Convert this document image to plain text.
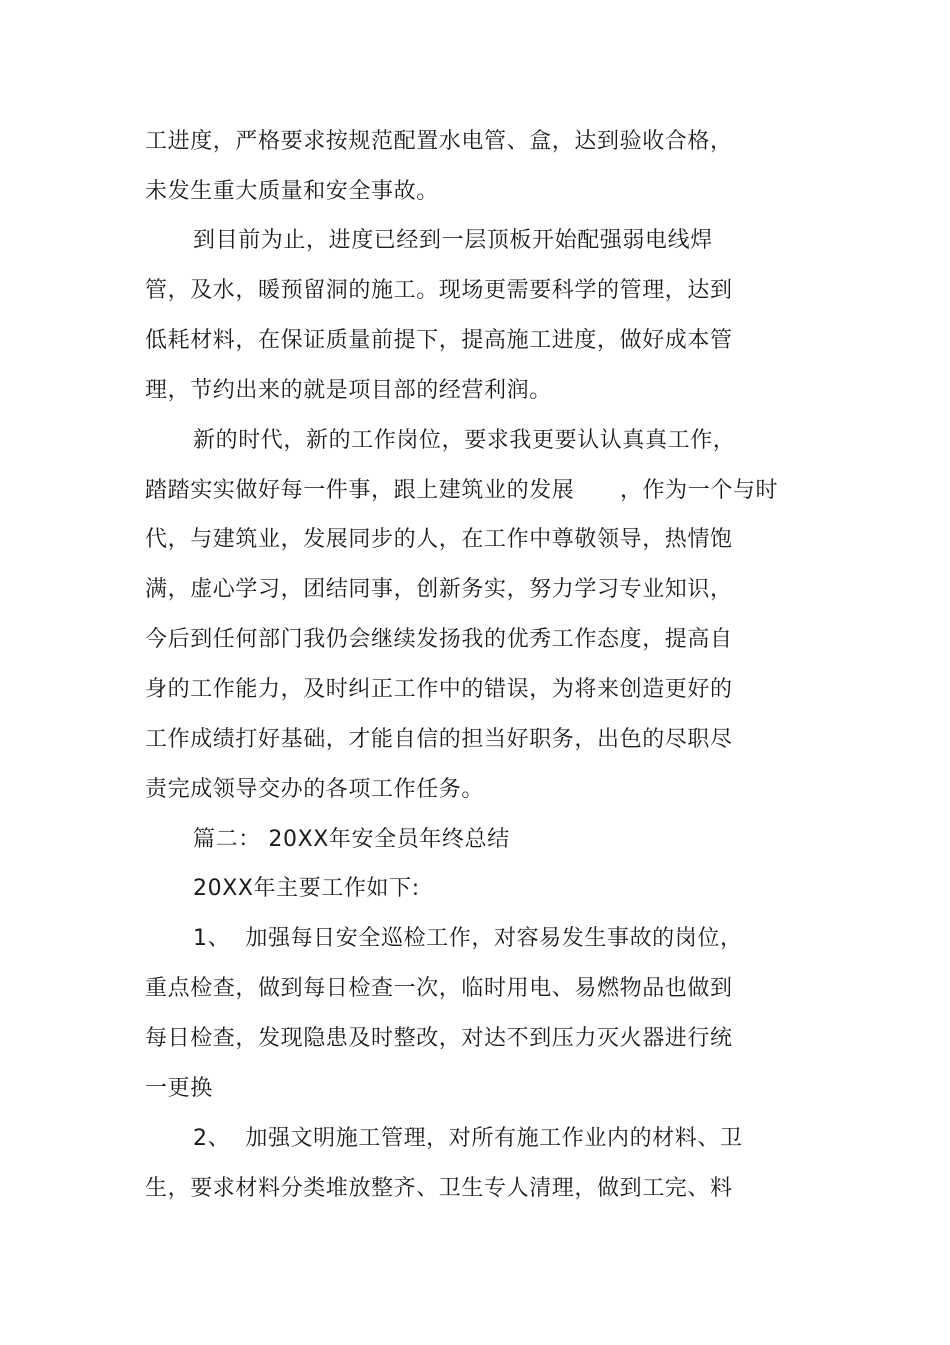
工进度，严格要求按规范配置水电管、盒，达到验收合格，
未发生重大质量和安全事故。
到目前为止，进度已经到一层顶板开始配强弱电线焊
管，及水，暖预留洞的施工。现场更需要科学的管理，达到
低耗材料，在保证质量前提下，提高施工进度，做好成本管
理，节约出来的就是项目部的经营利润。
新的时代，新的工作岗位，要求我更要认认真真工作，
踏踏实实做好每一件事，跟上建筑业的发展      ，作为一个与时
代，与建筑业，发展同步的人，在工作中尊敬领导，热情饱
满，虚心学习，团结同事，创新务实，努力学习专业知识，
今后到任何部门我仍会继续发扬我的优秀工作态度，提高自
身的工作能力，及时纠正工作中的错误，为将来创造更好的
工作成绩打好基础，才能自信的担当好职务，出色的尽职尽
责完成领导交办的各项工作任务。
篇二： 20XX年安全员年终总结
20XX年主要工作如下:
1、  加强每日安全巡检工作，对容易发生事故的岗位，
重点检查，做到每日检查一次，临时用电、易燃物品也做到
每日检查，发现隐患及时整改，对达不到压力灭火器进行统
一更换
2、  加强文明施工管理，对所有施工作业内的材料、卫
生，要求材料分类堆放整齐、卫生专人清理，做到工完、料
